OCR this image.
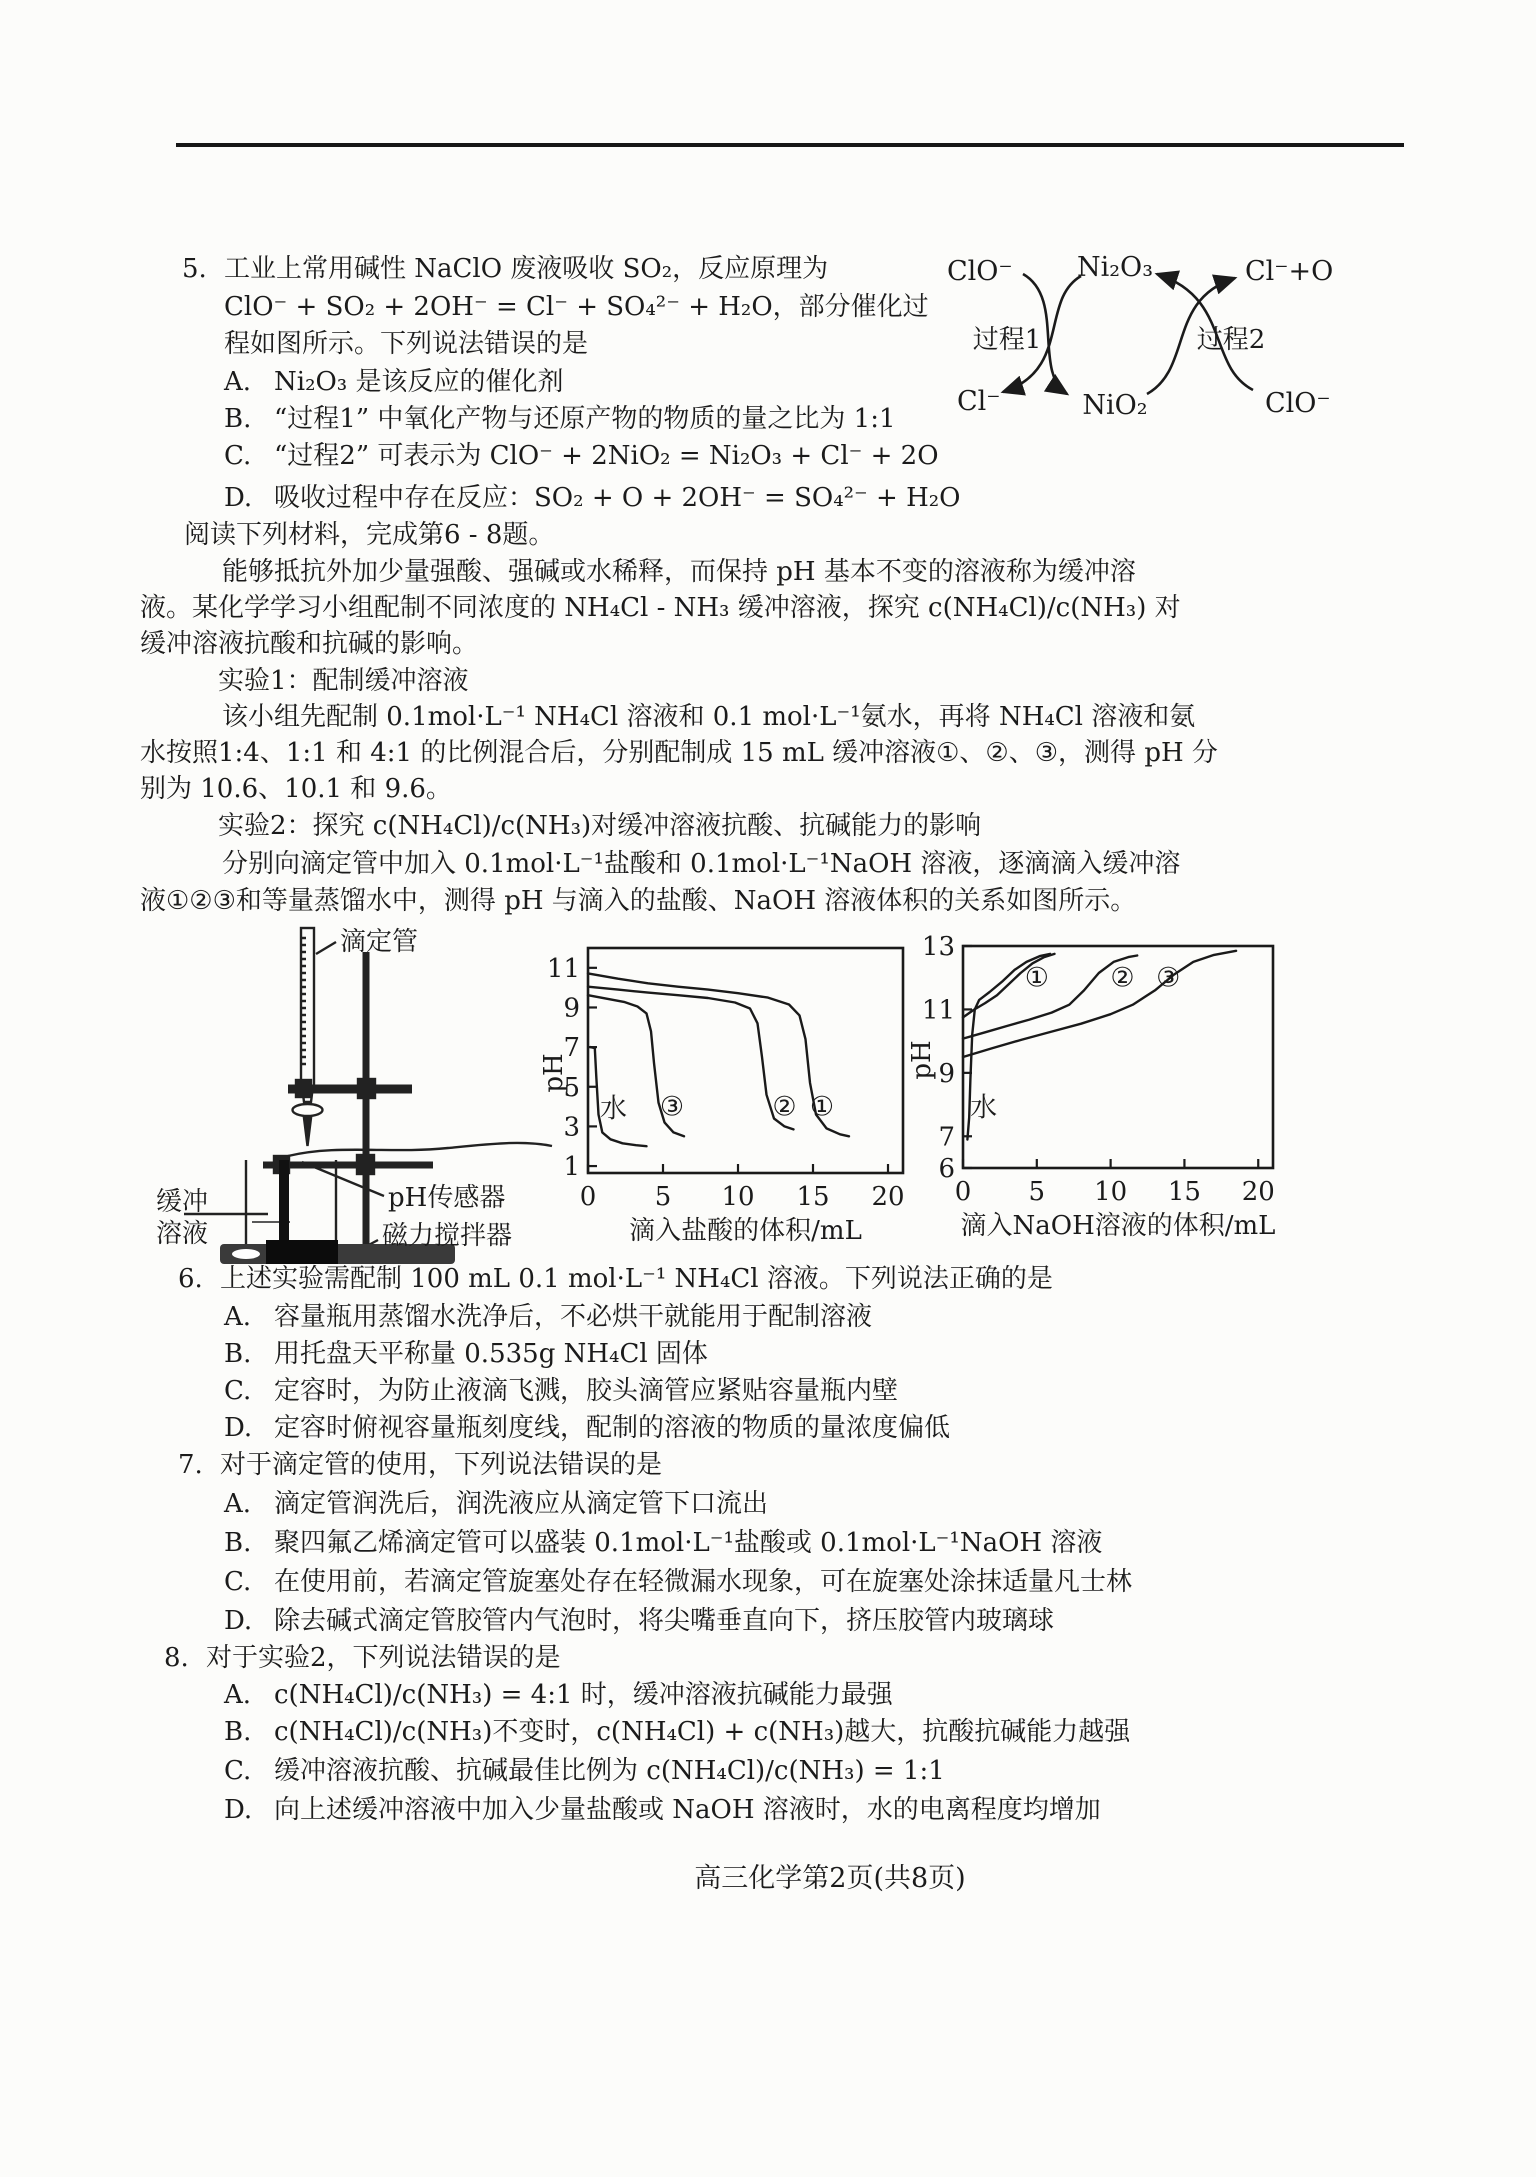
5. 工业上常用碱性 NaClO 废液吸收 SO₂，反应原理为
ClO⁻ + SO₂ + 2OH⁻ = Cl⁻ + SO₄²⁻ + H₂O，部分催化过
程如图所示。下列说法错误的是
A. Ni₂O₃ 是该反应的催化剂
B. “过程1” 中氧化产物与还原产物的物质的量之比为 1:1
C. “过程2” 可表示为 ClO⁻ + 2NiO₂ = Ni₂O₃ + Cl⁻ + 2O
D. 吸收过程中存在反应：SO₂ + O + 2OH⁻ = SO₄²⁻ + H₂O
ClO⁻ Ni₂O₃	Cl⁻+O
Cl⁻	NiO₂	ClO⁻
过程1	过程2
阅读下列材料，完成第6 - 8题。
能够抵抗外加少量强酸、强碱或水稀释，而保持 pH 基本不变的溶液称为缓冲溶
液。某化学学习小组配制不同浓度的 NH₄Cl - NH₃ 缓冲溶液，探究 c(NH₄Cl)/c(NH₃) 对
缓冲溶液抗酸和抗碱的影响。
实验1：配制缓冲溶液
该小组先配制 0.1mol·L⁻¹ NH₄Cl 溶液和 0.1 mol·L⁻¹氨水，再将 NH₄Cl 溶液和氨
水按照1:4、1:1 和 4:1 的比例混合后，分别配制成 15 mL 缓冲溶液①、②、③，测得 pH 分
别为 10.6、10.1 和 9.6。
实验2：探究 c(NH₄Cl)/c(NH₃)对缓冲溶液抗酸、抗碱能力的影响
分别向滴定管中加入 0.1mol·L⁻¹盐酸和 0.1mol·L⁻¹NaOH 溶液，逐滴滴入缓冲溶
液①②③和等量蒸馏水中，测得 pH 与滴入的盐酸、NaOH 溶液体积的关系如图所示。
滴定管
pH传感器
磁力搅拌器
缓冲
溶液
1
3
5
7
9
11
0 5 10 15 20
pH
滴入盐酸的体积/mL
水 ③	② ①
6
7
9
11
13
0 5 10 15 20
pH
滴入NaOH溶液的体积/mL
① ② ③
水
6. 上述实验需配制 100 mL 0.1 mol·L⁻¹ NH₄Cl 溶液。下列说法正确的是
A. 容量瓶用蒸馏水洗净后，不必烘干就能用于配制溶液
B. 用托盘天平称量 0.535g NH₄Cl 固体
C. 定容时，为防止液滴飞溅，胶头滴管应紧贴容量瓶内壁
D. 定容时俯视容量瓶刻度线，配制的溶液的物质的量浓度偏低
7. 对于滴定管的使用，下列说法错误的是
A. 滴定管润洗后，润洗液应从滴定管下口流出
B. 聚四氟乙烯滴定管可以盛装 0.1mol·L⁻¹盐酸或 0.1mol·L⁻¹NaOH 溶液
C. 在使用前，若滴定管旋塞处存在轻微漏水现象，可在旋塞处涂抹适量凡士林
D. 除去碱式滴定管胶管内气泡时，将尖嘴垂直向下，挤压胶管内玻璃球
8. 对于实验2，下列说法错误的是
A. c(NH₄Cl)/c(NH₃) = 4:1 时，缓冲溶液抗碱能力最强
B. c(NH₄Cl)/c(NH₃)不变时，c(NH₄Cl) + c(NH₃)越大，抗酸抗碱能力越强
C. 缓冲溶液抗酸、抗碱最佳比例为 c(NH₄Cl)/c(NH₃) = 1:1
D. 向上述缓冲溶液中加入少量盐酸或 NaOH 溶液时，水的电离程度均增加
高三化学第2页(共8页)
